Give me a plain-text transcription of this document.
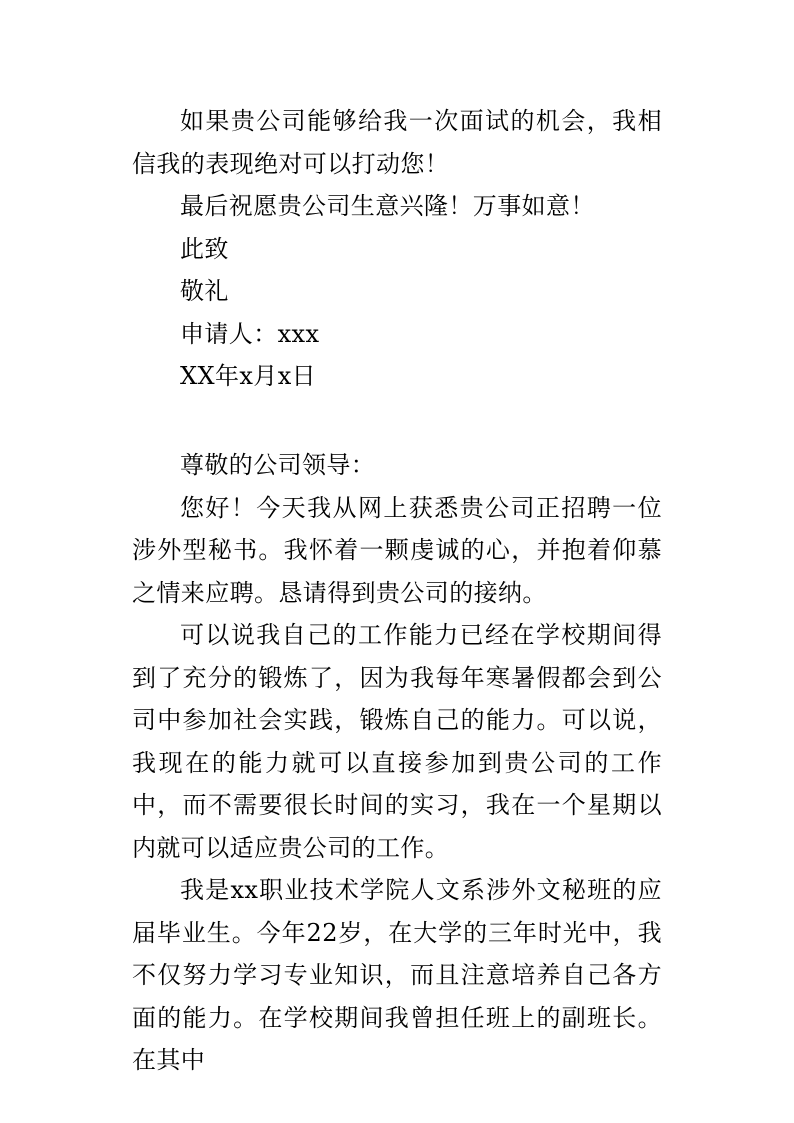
如果贵公司能够给我一次面试的机会，我相信我的表现绝对可以打动您！

最后祝愿贵公司生意兴隆！万事如意！

此致

敬礼

申请人：xxx

XX年x月x日

尊敬的公司领导：

您好！今天我从网上获悉贵公司正招聘一位涉外型秘书。我怀着一颗虔诚的心，并抱着仰慕之情来应聘。恳请得到贵公司的接纳。

可以说我自己的工作能力已经在学校期间得到了充分的锻炼了，因为我每年寒暑假都会到公司中参加社会实践，锻炼自己的能力。可以说，我现在的能力就可以直接参加到贵公司的工作中，而不需要很长时间的实习，我在一个星期以内就可以适应贵公司的工作。

我是xx职业技术学院人文系涉外文秘班的应届毕业生。今年22岁，在大学的三年时光中，我不仅努力学习专业知识，而且注意培养自己各方面的能力。在学校期间我曾担任班上的副班长。在其中
